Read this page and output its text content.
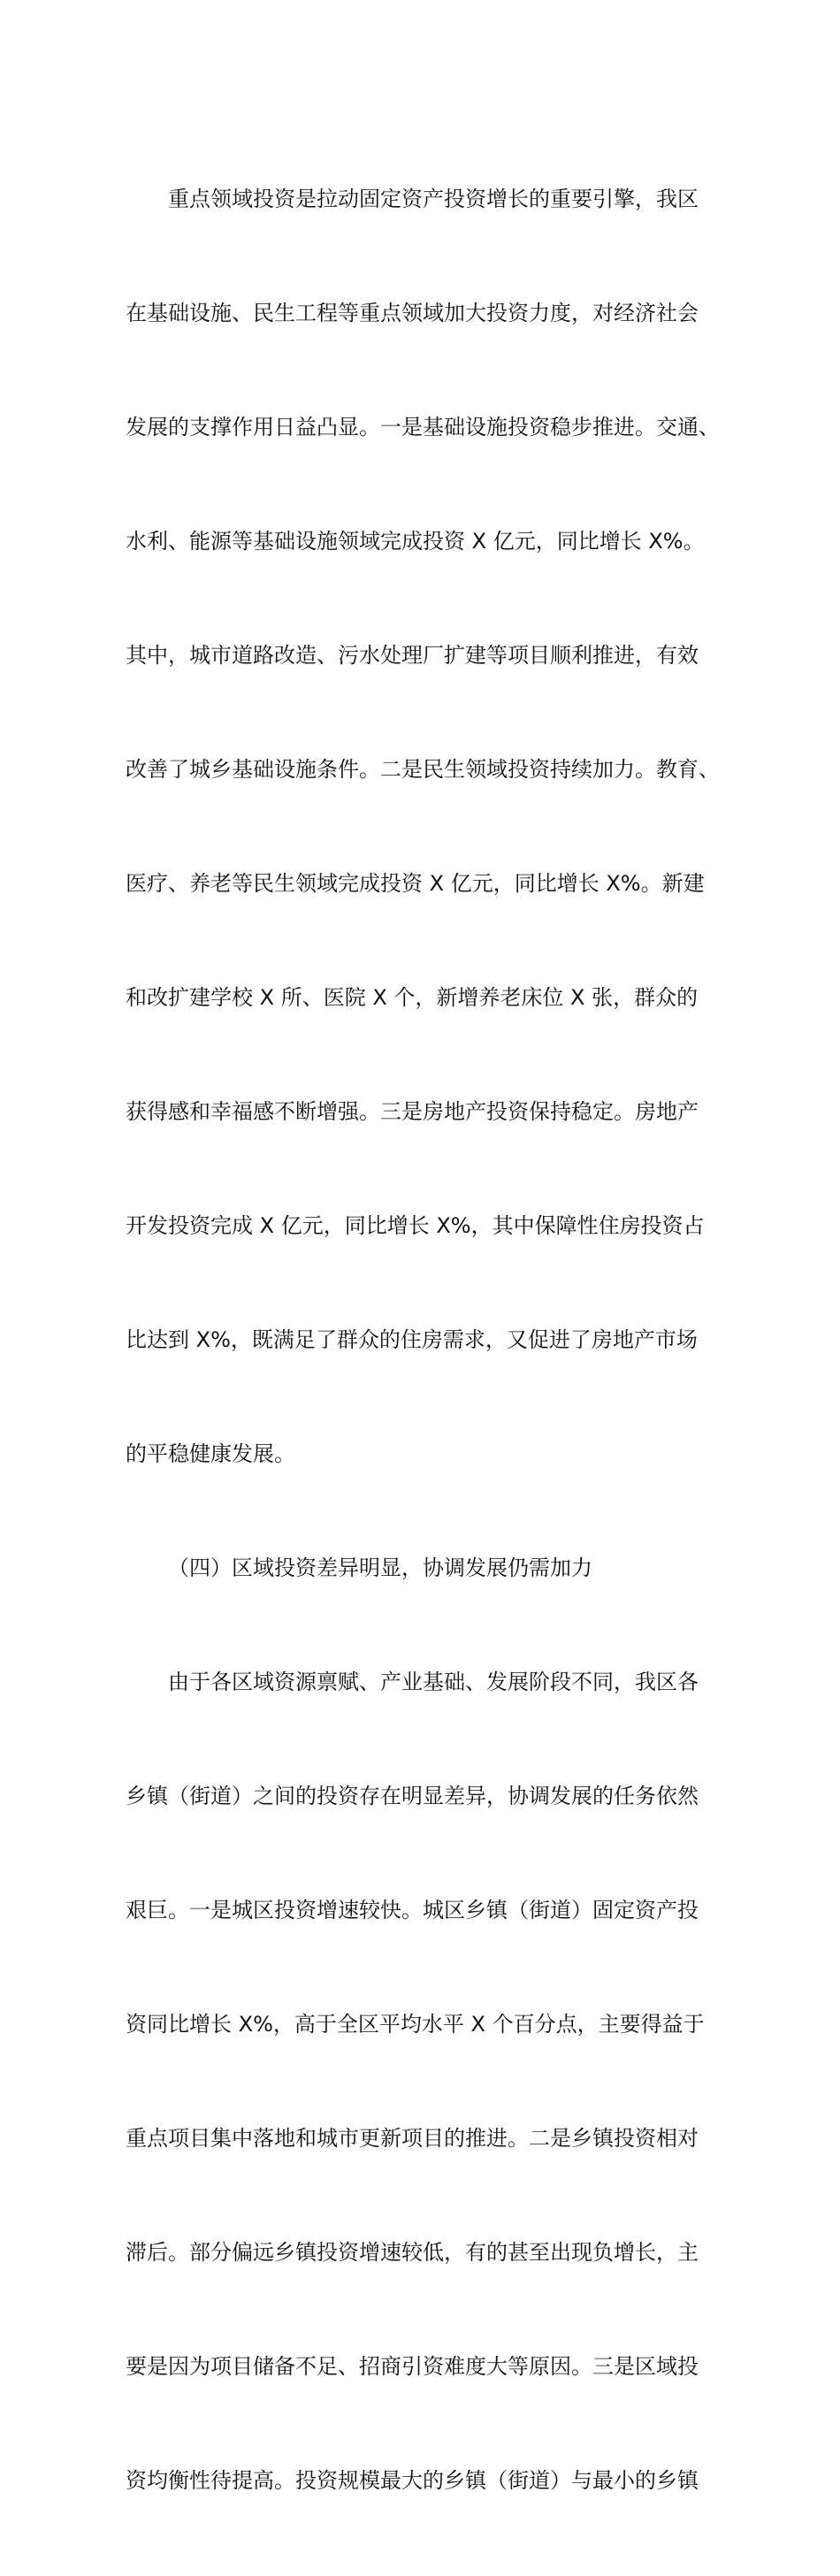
重点领域投资是拉动固定资产投资增长的重要引擎，我区

在基础设施、民生工程等重点领域加大投资力度，对经济社会

发展的支撑作用日益凸显。一是基础设施投资稳步推进。交通、

水利、能源等基础设施领域完成投资 X 亿元，同比增长 X%。

其中，城市道路改造、污水处理厂扩建等项目顺利推进，有效

改善了城乡基础设施条件。二是民生领域投资持续加力。教育、

医疗、养老等民生领域完成投资 X 亿元，同比增长 X%。新建

和改扩建学校 X 所、医院 X 个，新增养老床位 X 张，群众的

获得感和幸福感不断增强。三是房地产投资保持稳定。房地产

开发投资完成 X 亿元，同比增长 X%，其中保障性住房投资占

比达到 X%，既满足了群众的住房需求，又促进了房地产市场

的平稳健康发展。

（四）区域投资差异明显，协调发展仍需加力

由于各区域资源禀赋、产业基础、发展阶段不同，我区各

乡镇（街道）之间的投资存在明显差异，协调发展的任务依然

艰巨。一是城区投资增速较快。城区乡镇（街道）固定资产投

资同比增长 X%，高于全区平均水平 X 个百分点，主要得益于

重点项目集中落地和城市更新项目的推进。二是乡镇投资相对

滞后。部分偏远乡镇投资增速较低，有的甚至出现负增长，主

要是因为项目储备不足、招商引资难度大等原因。三是区域投

资均衡性待提高。投资规模最大的乡镇（街道）与最小的乡镇
